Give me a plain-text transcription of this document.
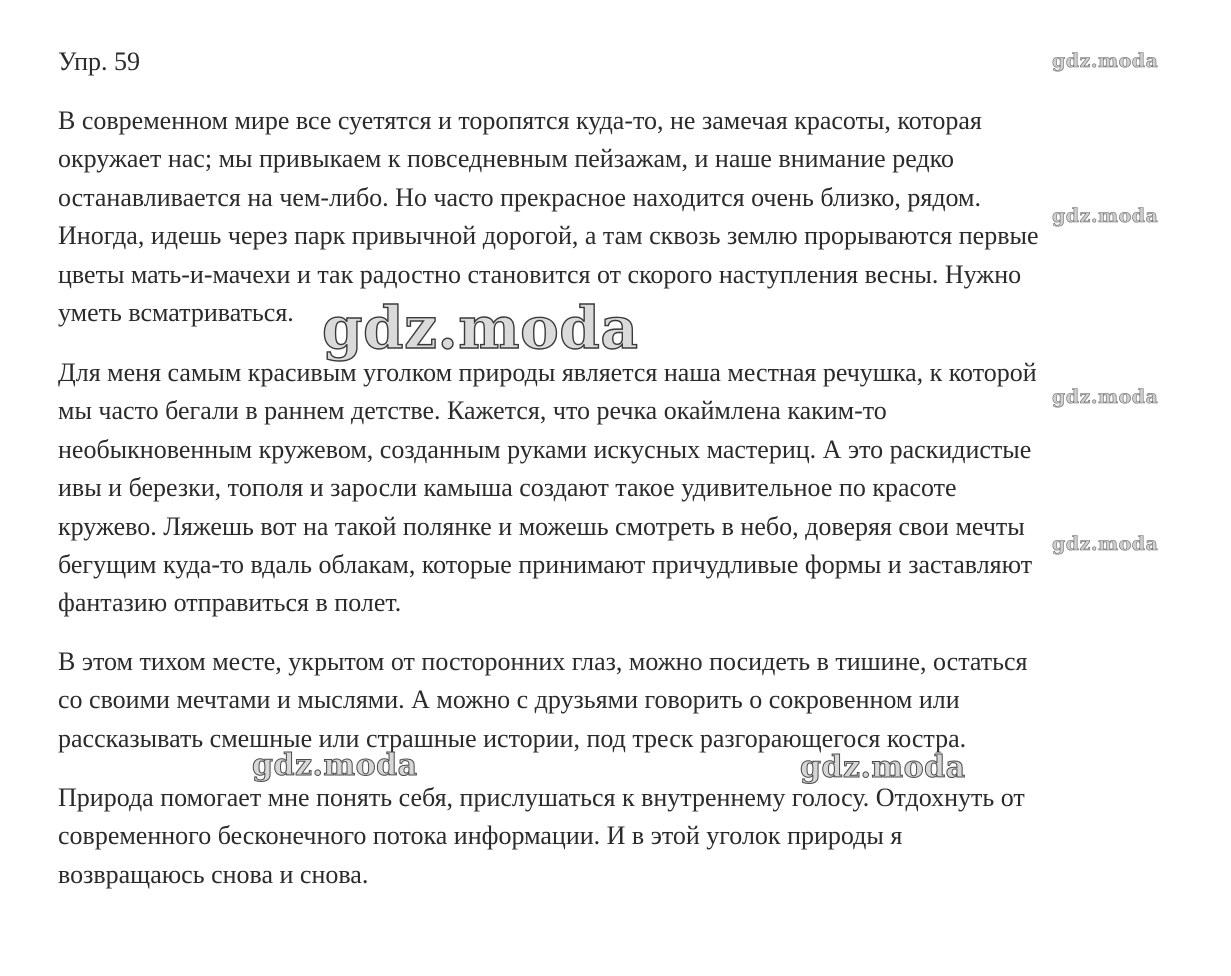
Упр. 59

В современном мире все суетятся и торопятся куда-то, не замечая красоты, которая
окружает нас; мы привыкаем к повседневным пейзажам, и наше внимание редко
останавливается на чем-либо. Но часто прекрасное находится очень близко, рядом.
Иногда, идешь через парк привычной дорогой, а там сквозь землю прорываются первые
цветы мать-и-мачехи и так радостно становится от скорого наступления весны. Нужно
уметь всматриваться.

Для меня самым красивым уголком природы является наша местная речушка, к которой
мы часто бегали в раннем детстве. Кажется, что речка окаймлена каким-то
необыкновенным кружевом, созданным руками искусных мастериц. А это раскидистые
ивы и березки, тополя и заросли камыша создают такое удивительное по красоте
кружево. Ляжешь вот на такой полянке и можешь смотреть в небо, доверяя свои мечты
бегущим куда-то вдаль облакам, которые принимают причудливые формы и заставляют
фантазию отправиться в полет.

В этом тихом месте, укрытом от посторонних глаз, можно посидеть в тишине, остаться
со своими мечтами и мыслями. А можно с друзьями говорить о сокровенном или
рассказывать смешные или страшные истории, под треск разгорающегося костра.

Природа помогает мне понять себя, прислушаться к внутреннему голосу. Отдохнуть от
современного бесконечного потока информации. И в этой уголок природы я
возвращаюсь снова и снова.

gdz.moda
gdz.moda
gdz.moda
gdz.moda
gdz.moda
gdz.moda	gdz.moda
